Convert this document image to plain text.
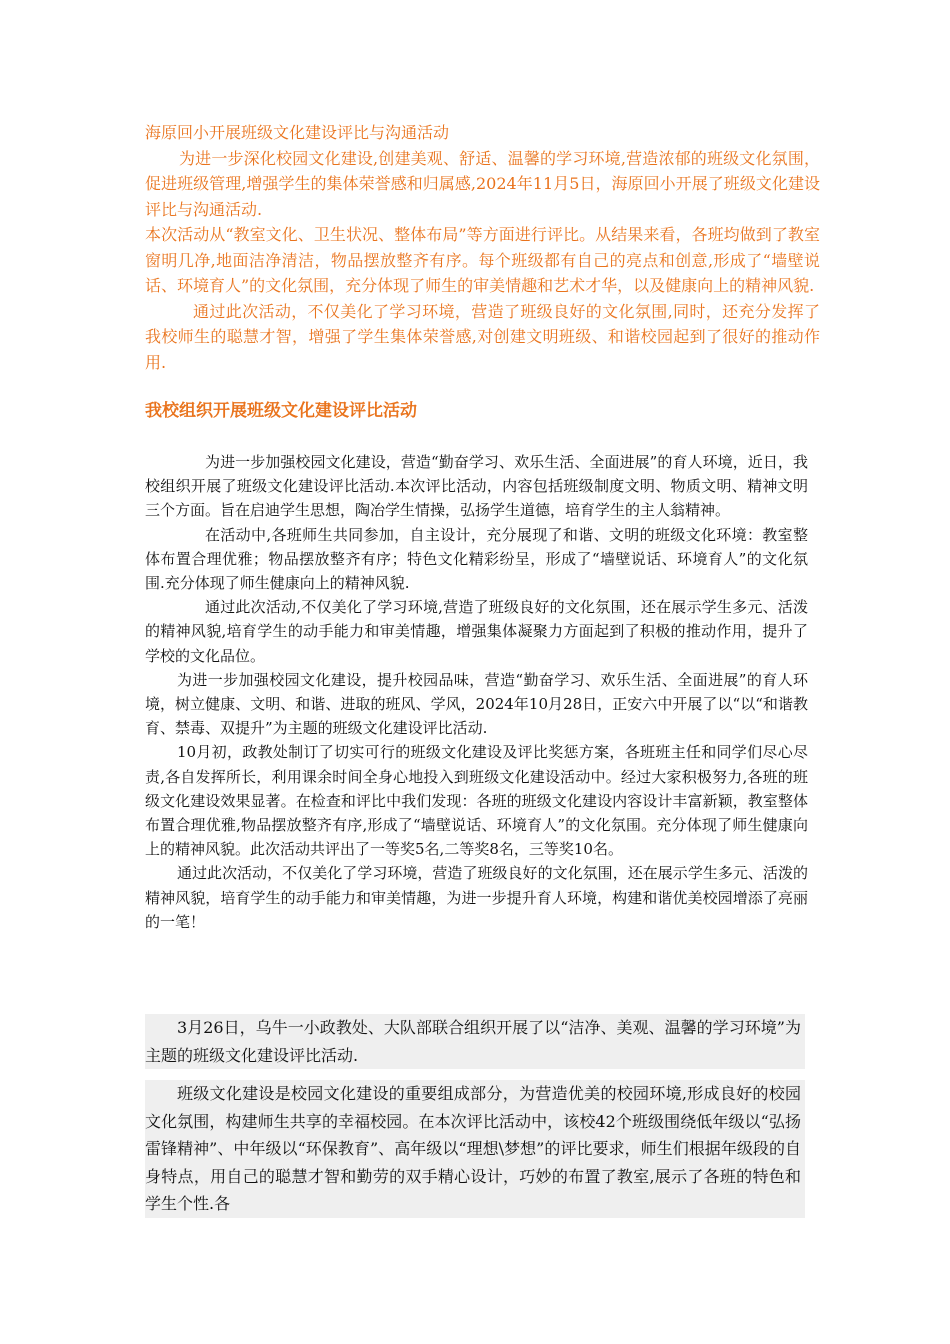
海原回小开展班级文化建设评比与沟通活动

为进一步深化校园文化建设,创建美观、舒适、温馨的学习环境,营造浓郁的班级文化氛围，促进班级管理,增强学生的集体荣誉感和归属感,2024年11月5日，海原回小开展了班级文化建设评比与沟通活动.

本次活动从“教室文化、卫生状况、整体布局”等方面进行评比。从结果来看，各班均做到了教室窗明几净,地面洁净清洁，物品摆放整齐有序。每个班级都有自己的亮点和创意,形成了“墙壁说话、环境育人”的文化氛围，充分体现了师生的审美情趣和艺术才华，以及健康向上的精神风貌.

通过此次活动，不仅美化了学习环境，营造了班级良好的文化氛围,同时，还充分发挥了我校师生的聪慧才智，增强了学生集体荣誉感,对创建文明班级、和谐校园起到了很好的推动作用.

我校组织开展班级文化建设评比活动

为进一步加强校园文化建设，营造“勤奋学习、欢乐生活、全面进展”的育人环境，近日，我校组织开展了班级文化建设评比活动.本次评比活动，内容包括班级制度文明、物质文明、精神文明三个方面。旨在启迪学生思想，陶冶学生情操，弘扬学生道德，培育学生的主人翁精神。

在活动中,各班师生共同参加，自主设计，充分展现了和谐、文明的班级文化环境：教室整体布置合理优雅；物品摆放整齐有序；特色文化精彩纷呈，形成了“墙壁说话、环境育人”的文化氛围.充分体现了师生健康向上的精神风貌.

通过此次活动,不仅美化了学习环境,营造了班级良好的文化氛围，还在展示学生多元、活泼的精神风貌,培育学生的动手能力和审美情趣，增强集体凝聚力方面起到了积极的推动作用，提升了学校的文化品位。

为进一步加强校园文化建设，提升校园品味，营造“勤奋学习、欢乐生活、全面进展”的育人环境，树立健康、文明、和谐、进取的班风、学风，2024年10月28日，正安六中开展了以“以“和谐教育、禁毒、双提升”为主题的班级文化建设评比活动.

10月初，政教处制订了切实可行的班级文化建设及评比奖惩方案，各班班主任和同学们尽心尽责,各自发挥所长，利用课余时间全身心地投入到班级文化建设活动中。经过大家积极努力,各班的班级文化建设效果显著。在检查和评比中我们发现：各班的班级文化建设内容设计丰富新颖，教室整体布置合理优雅,物品摆放整齐有序,形成了“墙壁说话、环境育人”的文化氛围。充分体现了师生健康向上的精神风貌。此次活动共评出了一等奖5名,二等奖8名，三等奖10名。

通过此次活动，不仅美化了学习环境，营造了班级良好的文化氛围，还在展示学生多元、活泼的精神风貌，培育学生的动手能力和审美情趣，为进一步提升育人环境，构建和谐优美校园增添了亮丽的一笔！

3月26日，乌牛一小政教处、大队部联合组织开展了以“洁净、美观、温馨的学习环境”为主题的班级文化建设评比活动.

班级文化建设是校园文化建设的重要组成部分，为营造优美的校园环境,形成良好的校园文化氛围，构建师生共享的幸福校园。在本次评比活动中，该校42个班级围绕低年级以“弘扬雷锋精神”、中年级以“环保教育”、高年级以“理想\梦想”的评比要求，师生们根据年级段的自身特点，用自己的聪慧才智和勤劳的双手精心设计，巧妙的布置了教室,展示了各班的特色和学生个性.各
